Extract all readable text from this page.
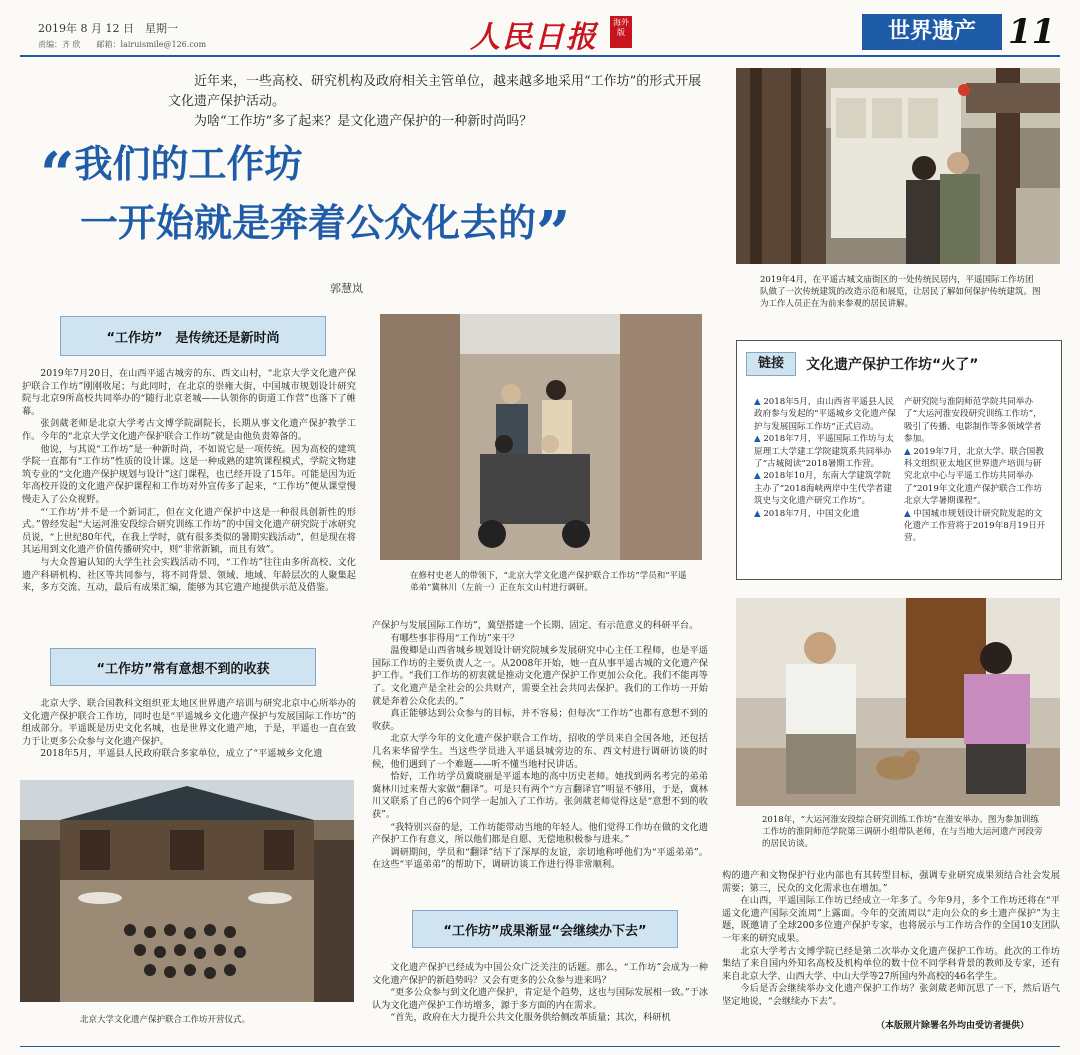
2019年 8 月 12 日　星期一
责编：齐 欣　　邮箱：lairuismile@126.com	人民日报	海外版	世界遗产 11

近年来，一些高校、研究机构及政府相关主管单位，越来越多地采用“工作坊”的形式开展文化遗产保护活动。

为啥“工作坊”多了起来？是文化遗产保护的一种新时尚吗？

“我们的工作坊
一开始就是奔着公众化去的”
郭慧岚
2019年4月，在平遥古城文庙街区的一处传统民居内，平遥国际工作坊团队做了一次传统建筑的改造示范和展览，让居民了解如何保护传统建筑。图为工作人员正在为前来参观的居民讲解。
“工作坊”　是传统还是新时尚

2019年7月20日，在山西平遥古城旁的东、西文山村，“北京大学文化遗产保护联合工作坊”刚刚收尾；与此同时，在北京的崇雍大街，中国城市规划设计研究院与北京9所高校共同举办的“随行北京老城——认领你的街道工作营”也落下了帷幕。

张剑葳老师是北京大学考古文博学院副院长，长期从事文化遗产保护教学工作。今年的“北京大学文化遗产保护联合工作坊”就是由他负责筹备的。

他说，与其说“工作坊”是一种新时尚，不如说它是一项传统。因为高校的建筑学院一直都有“工作坊”性质的设计课。这是一种成熟的建筑课程模式，学院文物建筑专业的“文化遗产保护规划与设计”这门课程，也已经开设了15年。可能是因为近年高校开设的文化遗产保护课程和工作坊对外宣传多了起来，“工作坊”便从课堂慢慢走入了公众视野。

“‘工作坊’并不是一个新词汇，但在文化遗产保护中这是一种很具创新性的形式。”曾经发起“大运河淮安段综合研究训练工作坊”的中国文化遗产研究院于冰研究员说，“上世纪80年代，在我上学时，就有很多类似的暑期实践活动”，但是现在将其运用到文化遗产价值传播研究中，则“非常新颖，而且有效”。

与大众普遍认知的大学生社会实践活动不同，“工作坊”往往由多所高校、文化遗产科研机构、社区等共同参与，将不同背景、领域、地域、年龄层次的人聚集起来，多方交流、互动，最后有成果汇编，能够为其它遗产地提供示范及借鉴。

“工作坊”常有意想不到的收获

北京大学、联合国教科文组织亚太地区世界遗产培训与研究北京中心所举办的文化遗产保护联合工作坊，同时也是“平遥城乡文化遗产保护与发展国际工作坊”的组成部分。平遥既是历史文化名城，也是世界文化遗产地，于是，平遥也一直在致力于让更多公众参与文化遗产保护。

2018年5月，平遥县人民政府联合多家单位，成立了“平遥城乡文化遗

北京大学文化遗产保护联合工作坊开营仪式。
在修村史老人的带领下，“北京大学文化遗产保护联合工作坊”学员和“平遥弟弟”冀林川（左前一）正在东文山村进行调研。

产保护与发展国际工作坊”，冀望搭建一个长期、固定、有示范意义的科研平台。

有哪些事非得用“工作坊”来干？

温俊卿是山西省城乡规划设计研究院城乡发展研究中心主任工程师，也是平遥国际工作坊的主要负责人之一。从2008年开始，她一直从事平遥古城的文化遗产保护工作。“我们工作坊的初衷就是推动文化遗产保护工作更加公众化。我们不能再等了。文化遗产是全社会的公共财产，需要全社会共同去保护。我们的工作坊一开始就是奔着公众化去的。”

真正能够达到公众参与的目标，并不容易；但每次“工作坊”也都有意想不到的收获。

北京大学今年的文化遗产保护联合工作坊，招收的学员来自全国各地，还包括几名来华留学生。当这些学员进入平遥县城旁边的东、西文村进行调研访谈的时候，他们遇到了一个难题——听不懂当地村民讲话。

恰好，工作坊学员冀晓丽是平遥本地的高中历史老师。她找到两名考完的弟弟冀林川过来帮大家做“翻译”。可是只有两个“方言翻译官”明显不够用，于是，冀林川又联系了自己的6个同学一起加入了工作坊。张剑葳老师觉得这是“意想不到的收获”。

“我特别兴奋的是，工作坊能带动当地的年轻人。他们觉得工作坊在做的文化遗产保护工作有意义，所以他们都是自愿、无偿地积极参与进来。”

调研期间，学员和“翻译”结下了深厚的友谊，亲切地称呼他们为“平遥弟弟”。在这些“平遥弟弟”的帮助下，调研访谈工作进行得非常顺利。

“工作坊”成果渐显“会继续办下去”

文化遗产保护已经成为中国公众广泛关注的话题。那么，“工作坊”会成为一种文化遗产保护的新趋势吗？又会有更多的公众参与进来吗？

“更多公众参与到文化遗产保护，肯定是个趋势，这也与国际发展相一致。”于冰认为文化遗产保护工作坊增多，源于多方面的内在需求。

“首先，政府在大力提升公共文化服务供给侧改革质量；其次，科研机

链接	文化遗产保护工作坊“火了”
▲ 2018年5月，由山西省平遥县人民政府参与发起的“平遥城乡文化遗产保护与发展国际工作坊”正式启动。
▲ 2018年7月，平遥国际工作坊与太原理工大学建工学院建筑系共同举办了“古城阅读”2018暑期工作营。
▲ 2018年10月，东南大学建筑学院主办了“2018海峡两岸中生代学者建筑史与文化遗产研究工作坊”。
▲ 2018年7月，中国文化遗
产研究院与淮阴师范学院共同举办了“大运河淮安段研究训练工作坊”，吸引了传播、电影制作等多领域学者参加。
▲ 2019年7月，北京大学、联合国教科文组织亚太地区世界遗产培训与研究北京中心与平遥工作坊共同举办了“2019年文化遗产保护联合工作坊北京大学暑期课程”。
▲ 中国城市规划设计研究院发起的文化遗产工作营将于2019年8月19日开营。
2018年，“大运河淮安段综合研究训练工作坊”在淮安举办。图为参加训练工作坊的淮阴师范学院第三调研小组带队老师，在与当地大运河遗产河段旁的居民访谈。

构的遗产和文物保护行业内部也有其转型目标，强调专业研究成果须结合社会发展需要；第三，民众的文化需求也在增加。”

在山西，平遥国际工作坊已经成立一年多了。今年9月，多个工作坊还将在“平遥文化遗产国际交流周”上露面。今年的交流周以“走向公众的乡土遗产保护”为主题，既邀请了全球200多位遗产保护专家，也将展示与工作坊合作的全国10支团队一年来的研究成果。

北京大学考古文博学院已经是第二次举办文化遗产保护工作坊。此次的工作坊集结了来自国内外知名高校及机构单位的数十位不同学科背景的教师及专家，还有来自北京大学、山西大学、中山大学等27所国内外高校的46名学生。

今后是否会继续举办文化遗产保护工作坊？张剑葳老师沉思了一下，然后语气坚定地说，“会继续办下去”。

（本版照片除署名外均由受访者提供）
